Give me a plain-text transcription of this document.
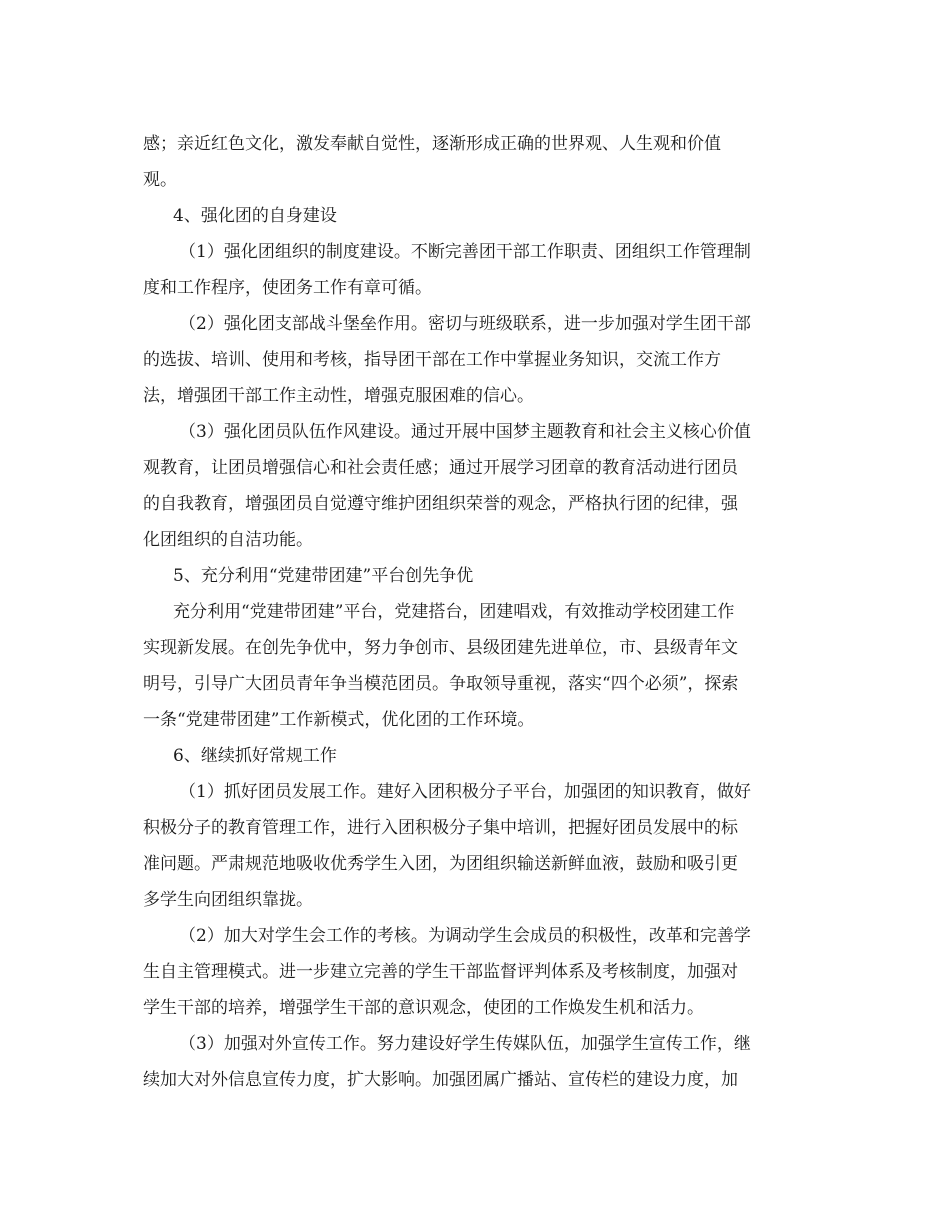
感；亲近红色文化，激发奉献自觉性，逐渐形成正确的世界观、人生观和价值
观。
4、强化团的自身建设
（1）强化团组织的制度建设。不断完善团干部工作职责、团组织工作管理制
度和工作程序，使团务工作有章可循。
（2）强化团支部战斗堡垒作用。密切与班级联系，进一步加强对学生团干部
的选拔、培训、使用和考核，指导团干部在工作中掌握业务知识，交流工作方
法，增强团干部工作主动性，增强克服困难的信心。
（3）强化团员队伍作风建设。通过开展中国梦主题教育和社会主义核心价值
观教育，让团员增强信心和社会责任感；通过开展学习团章的教育活动进行团员
的自我教育，增强团员自觉遵守维护团组织荣誉的观念，严格执行团的纪律，强
化团组织的自洁功能。
5、充分利用“党建带团建”平台创先争优
充分利用“党建带团建”平台，党建搭台，团建唱戏，有效推动学校团建工作
实现新发展。在创先争优中，努力争创市、县级团建先进单位，市、县级青年文
明号，引导广大团员青年争当模范团员。争取领导重视，落实“四个必须”，探索
一条“党建带团建”工作新模式，优化团的工作环境。
6、继续抓好常规工作
（1）抓好团员发展工作。建好入团积极分子平台，加强团的知识教育，做好
积极分子的教育管理工作，进行入团积极分子集中培训，把握好团员发展中的标
准问题。严肃规范地吸收优秀学生入团，为团组织输送新鲜血液，鼓励和吸引更
多学生向团组织靠拢。
（2）加大对学生会工作的考核。为调动学生会成员的积极性，改革和完善学
生自主管理模式。进一步建立完善的学生干部监督评判体系及考核制度，加强对
学生干部的培养，增强学生干部的意识观念，使团的工作焕发生机和活力。
（3）加强对外宣传工作。努力建设好学生传媒队伍，加强学生宣传工作，继
续加大对外信息宣传力度，扩大影响。加强团属广播站、宣传栏的建设力度，加
